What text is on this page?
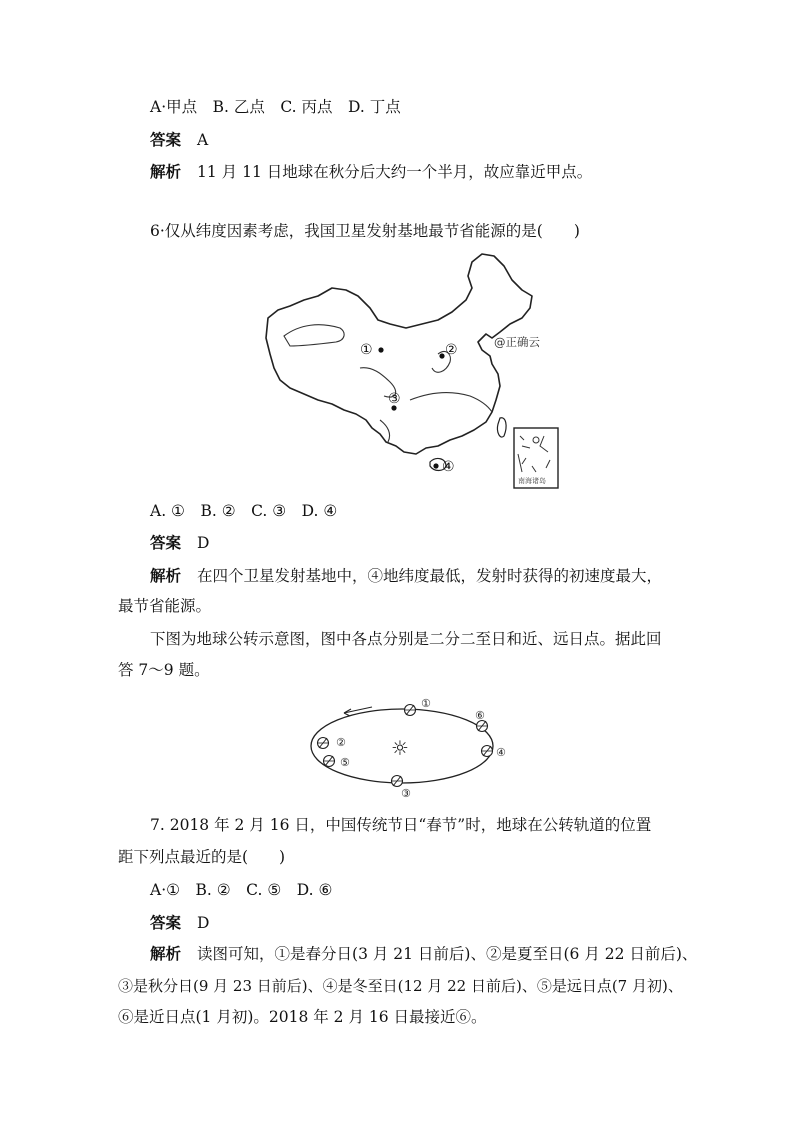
A·甲点　B. 乙点　C. 丙点　D. 丁点
答案 A
解析 11 月 11 日地球在秋分后大约一个半月，故应靠近甲点。
6·仅从纬度因素考虑，我国卫星发射基地最节省能源的是(　　)
①	②
③
④
@正确云
南海诸岛
A. ①　B. ②　C. ③　D. ④
答案 D
解析 在四个卫星发射基地中，④地纬度最低，发射时获得的初速度最大，
最节省能源。
下图为地球公转示意图，图中各点分别是二分二至日和近、远日点。据此回
答 7～9 题。
☼
①
⑥
④
③
②
⑤
7. 2018 年 2 月 16 日，中国传统节日“春节”时，地球在公转轨道的位置
距下列点最近的是(　　)
A·①　B. ②　C. ⑤　D. ⑥
答案 D
解析 读图可知，①是春分日(3 月 21 日前后)、②是夏至日(6 月 22 日前后)、
③是秋分日(9 月 23 日前后)、④是冬至日(12 月 22 日前后)、⑤是远日点(7 月初)、
⑥是近日点(1 月初)。2018 年 2 月 16 日最接近⑥。
